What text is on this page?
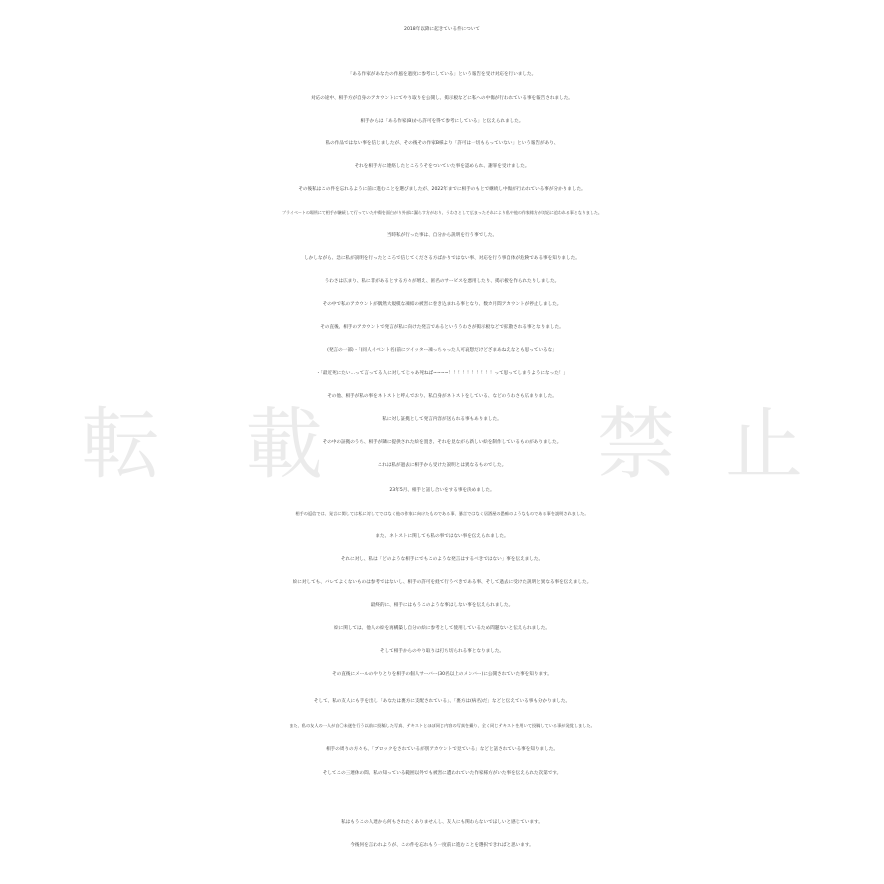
転 載	禁 止
2018年以降に起きている件について
「ある作家があなたの作風を過度に参考にしている」という報告を受け対応を行いました。
対応の途中、相手方が自身のアカウントにてやり取りを公開し、掲示板などに私への中傷が行われている事を報告されました。
相手からは「ある作家(B)から許可を得て参考にしている」と伝えられました。
私の作品ではない事を信じましたが、その後その作家B様より「許可は一切もらっていない」という報告があり、
それを相手方に連絡したところうそをついていた事を認められ、謝罪を受けました。
その後私はこの件を忘れるように前に進むことを選びましたが、2022年までに相手のもとで継続し中傷が行われている事が分かりました。
プライベートの場所にて相手が継続して行っていた中傷を面白がり外部に漏らす方がおり、うわさとして広まったそれにより私や他の作家様方が対応に追われる事となりました。
当時私が行った事は、自分から説明を行う事でした。
しかしながら、急に私が説明を行ったところで信じてくださる方ばかりではない事、対応を行う事自体が危険である事を知りました。
うわさは広まり、私に非があるとする方々が増え、匿名のサービスを悪用したり、掲示板を作られたりしました。
その中で私のアカウントが偶然大規模な凍結の被害に巻き込まれる事となり、数カ月間アカウントが停止しました。
その直後、相手のアカウントで発言が私に向けた発言であるといううわさが掲示板などで拡散される事となりました。
(発言の一部)・「(同人イベント名)前にツイッター凍っちゃった人可哀想だけどざまあねえなとも思っているな」
・「最近死にたい…って言ってる人に対してじゃあ死ねば~~~~！！！！！！！！！！って思ってしまうようになった！」
その他、相手が私の事をネトストと呼んでおり、私自身がネトストをしている、などのうわさも広まりました。
私に対し証拠として発言内容が送られる事もありました。
その中の証拠のうち、相手が隣に提供された絵を置き、それを見ながら新しい絵を制作しているものがありました。
これは私が過去に相手から受けた説明とは異なるものでした。
23年5月、相手と話し合いをする事を決めました。
相手の返信では、発言に関しては私に対してではなく他の作家に向けたものである事、暴言ではなく居酒屋の愚痴のようなものである事を説明されました。
また、ネトストに関しても私の事ではない事を伝えられました。
それに対し、私は「どのような相手にでもこのような発言はするべきではない」事を伝えました。
絵に対しても、バレてよくないものは参考ではないし、相手の許可を経て行うべきである事、そして過去に受けた説明と異なる事を伝えました。
最終的に、相手にはもうこのような事はしない事を伝えられました。
絵に関しては、他人の絵を再構築し自分の絵に参考として使用しているため問題ないと伝えられました。
そして相手からのやり取りは打ち切られる事となりました。
その直後にメールのやりとりを相手の個人サーバー(30名以上のメンバー)に公開されていた事を知ります。
そして、私の友人にも手を出し「あなたは裏方に支配されている」、「裏方は(病名)だ」などと伝えている事も分かりました。
また、私の友人の一人が自〇未遂を行う以前に投稿した写真、テキストとほぼ同じ内容の写真を撮り、全く同じテキストを用いて投稿している事が発覚しました。
相手の周りの方々も、「ブロックをされているが別アカウントで見ている」などと話されている事を知りました。
そしてこの三連休の間、私の知っている範囲以外でも被害に遭われていた作家様方がいた事を伝えられた次第です。
私はもうこの人達から何もされたくありませんし、友人にも関わらないでほしいと感じています。
今後何を言われようが、この件を忘れもう一度前に進むことを選択できればと思います。
